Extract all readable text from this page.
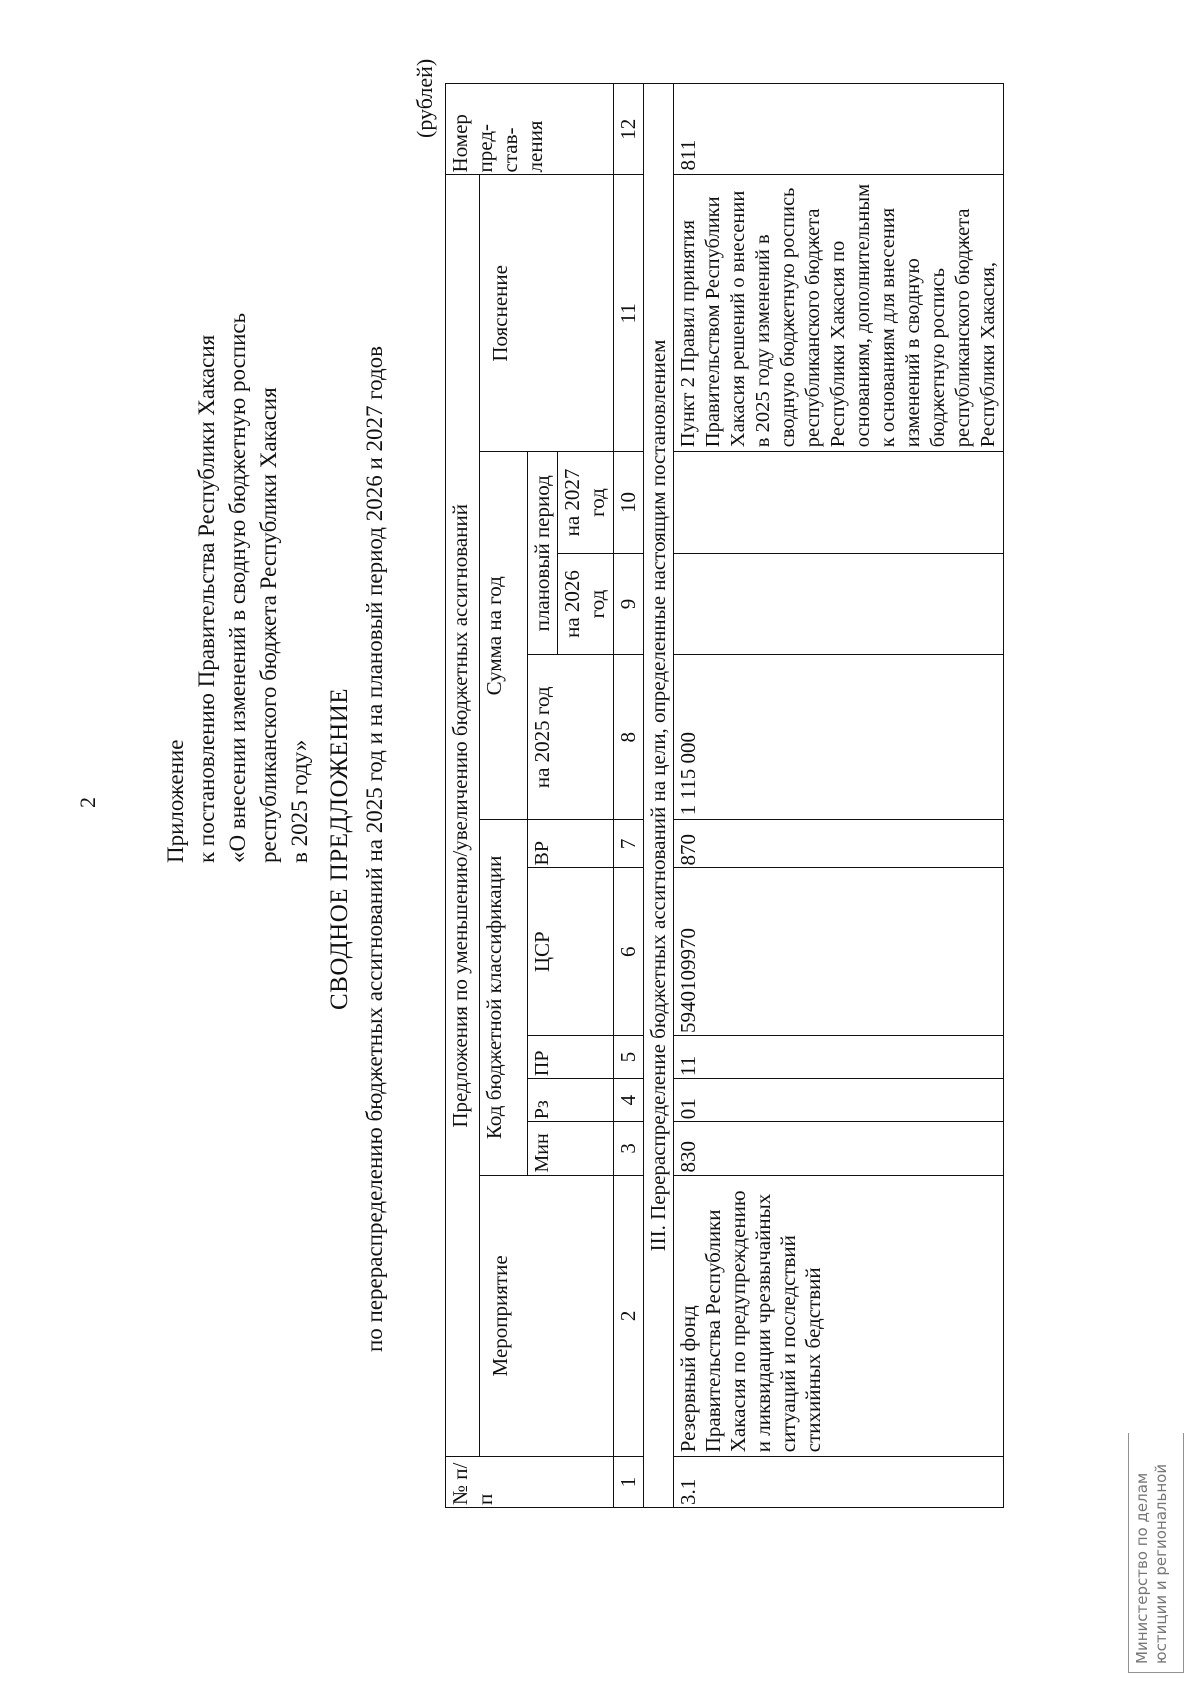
2	Приложение к постановлению Правительства Республики Хакасия «О внесении изменений в сводную бюджетную роспись республиканского бюджета Республики Хакасия в 2025 году» СВОДНОЕ ПРЕДЛОЖЕНИЕ по перераспределению бюджетных ассигнований на 2025 год и на плановый период 2026 и 2027 годов
(рублей)
№ п/п	Предложения по уменьшению/увеличению бюджетных ассигнований										Номер пред-став-ления
	Мероприятие	Код бюджетной классификации					Сумма на год			Пояснение	
		Мин	Рз	ПР	ЦСР	ВР	на 2025 год	плановый период			
								на 2026 год	на 2027 год		
1	2	3	4	5	6	7	8	9	10	11	12
III. Перераспределение бюджетных ассигнований на цели, определенные настоящим постановлением											
3.1	Резервный фонд Правительства Республики Хакасия по предупреждению и ликвидации чрезвычайных ситуаций и последствий стихийных бедствий	830	01	11	5940109970	870	1 115 000			Пункт 2 Правил принятия Правительством Республики Хакасия решений о внесении в 2025 году изменений в сводную бюджетную роспись республиканского бюджета Республики Хакасия по основаниям, дополнительным к основаниям для внесения изменений в сводную бюджетную роспись республиканского бюджета Республики Хакасия,	811
Министерство по делам юстиции и региональной
